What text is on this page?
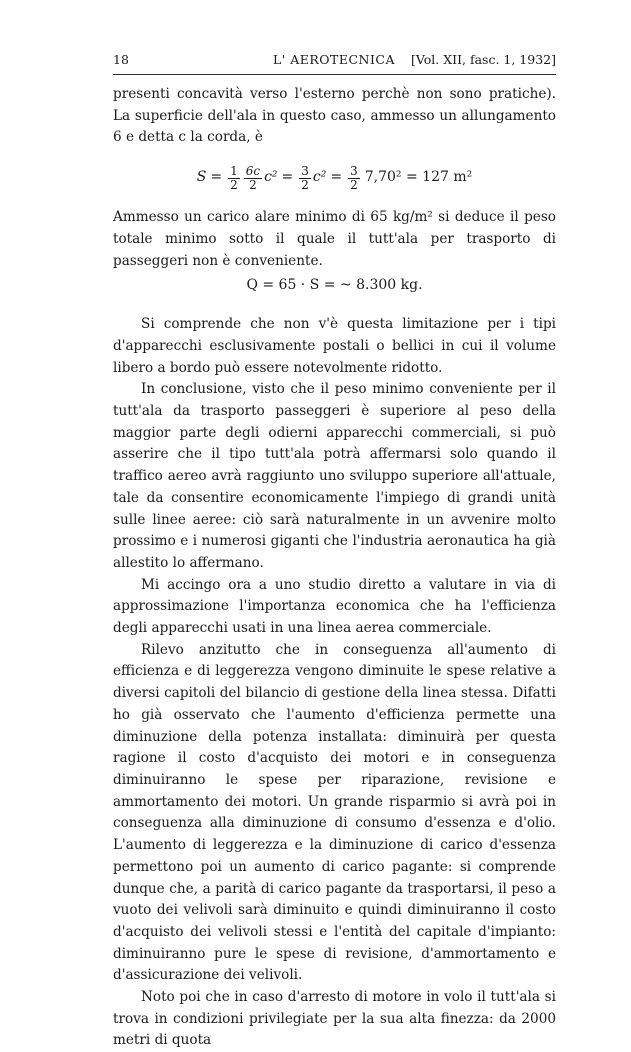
18	L' AEROTECNICA [Vol. XII, fasc. 1, 1932]

presenti concavità verso l'esterno perchè non sono pratiche). La superficie dell'ala in questo caso, ammesso un allungamento 6 e detta c la corda, è

$S = \frac{1}{2} \frac{6c}{2} c^2 = \frac{3}{2} c^2 = \frac{3}{2} 7,70^2 = 127$ m²

Ammesso un carico alare minimo di 65 kg/m² si deduce il peso totale minimo sotto il quale il tutt'ala per trasporto di passeggeri non è conveniente.

Q = 65 · S = ~ 8.300 kg.

Si comprende che non v'è questa limitazione per i tipi d'apparecchi esclusivamente postali o bellici in cui il volume libero a bordo può essere notevolmente ridotto.

In conclusione, visto che il peso minimo conveniente per il tutt'ala da trasporto passeggeri è superiore al peso della maggior parte degli odierni apparecchi commerciali, si può asserire che il tipo tutt'ala potrà affermarsi solo quando il traffico aereo avrà raggiunto uno sviluppo superiore all'attuale, tale da consentire economicamente l'impiego di grandi unità sulle linee aeree: ciò sarà naturalmente in un avvenire molto prossimo e i numerosi giganti che l'industria aeronautica ha già allestito lo affermano.

Mi accingo ora a uno studio diretto a valutare in via di approssimazione l'importanza economica che ha l'efficienza degli apparecchi usati in una linea aerea commerciale.

Rilevo anzitutto che in conseguenza all'aumento di efficienza e di leggerezza vengono diminuite le spese relative a diversi capitoli del bilancio di gestione della linea stessa. Difatti ho già osservato che l'aumento d'efficienza permette una diminuzione della potenza installata: diminuirà per questa ragione il costo d'acquisto dei motori e in conseguenza diminuiranno le spese per riparazione, revisione e ammortamento dei motori. Un grande risparmio si avrà poi in conseguenza alla diminuzione di consumo d'essenza e d'olio. L'aumento di leggerezza e la diminuzione di carico d'essenza permettono poi un aumento di carico pagante: si comprende dunque che, a parità di carico pagante da trasportarsi, il peso a vuoto dei velivoli sarà diminuito e quindi diminuiranno il costo d'acquisto dei velivoli stessi e l'entità del capitale d'impianto: diminuiranno pure le spese di revisione, d'ammortamento e d'assicurazione dei velivoli.

Noto poi che in caso d'arresto di motore in volo il tutt'ala si trova in condizioni privilegiate per la sua alta finezza: da 2000 metri di quota
